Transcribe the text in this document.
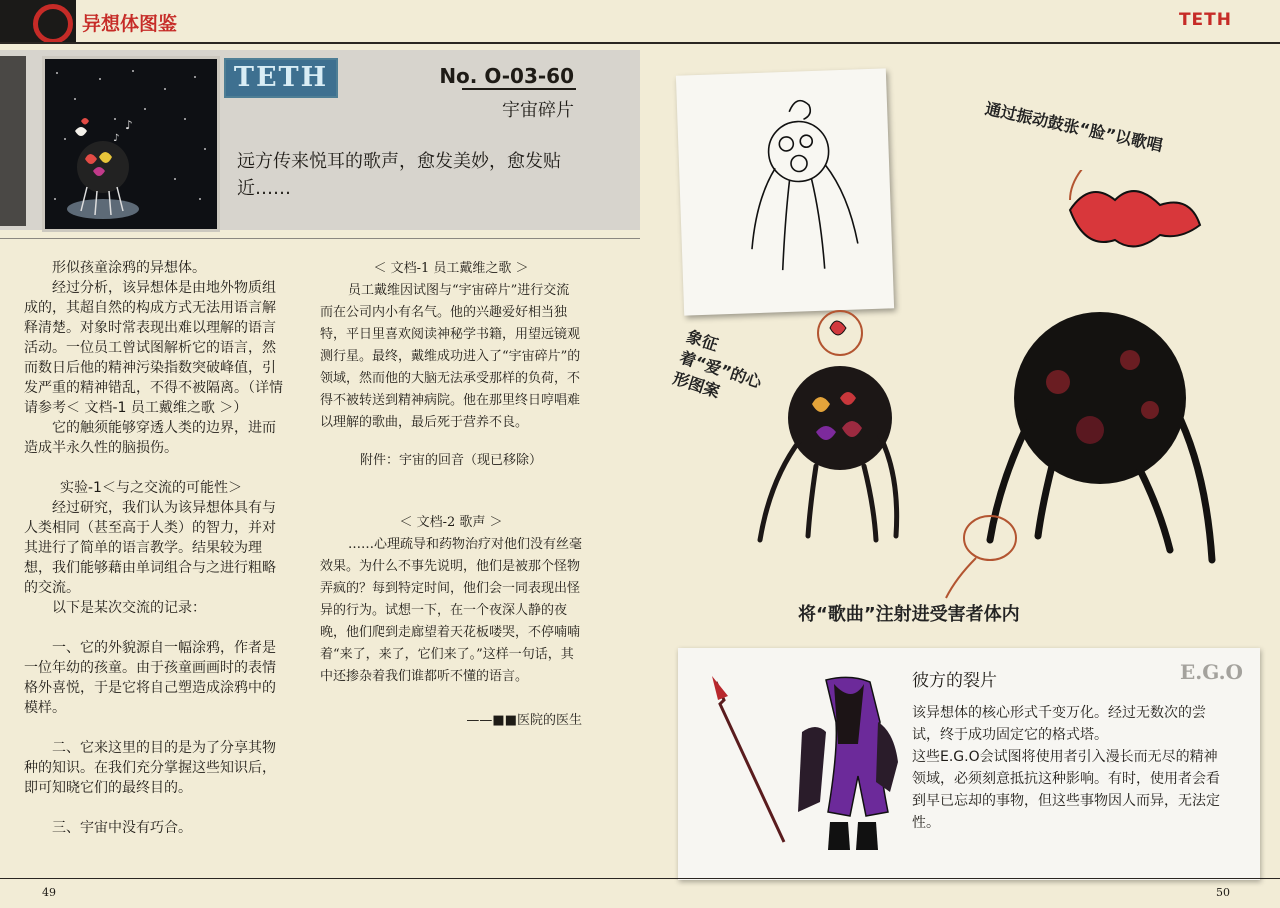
异想体图鉴	TETH
♪
♪
TETH	No. O-03-60
宇宙碎片
远方传来悦耳的歌声，愈发美妙，愈发贴近……

形似孩童涂鸦的异想体。

经过分析，该异想体是由地外物质组成的，其超自然的构成方式无法用语言解释清楚。对象时常表现出难以理解的语言活动。一位员工曾试图解析它的语言，然而数日后他的精神污染指数突破峰值，引发严重的精神错乱，不得不被隔离。（详情请参考＜ 文档-1 员工戴维之歌 ＞）

它的触须能够穿透人类的边界，进而造成半永久性的脑损伤。

实验-1＜与之交流的可能性＞

经过研究，我们认为该异想体具有与人类相同（甚至高于人类）的智力，并对其进行了简单的语言教学。结果较为理想，我们能够藉由单词组合与之进行粗略的交流。

以下是某次交流的记录：

一、它的外貌源自一幅涂鸦，作者是一位年幼的孩童。由于孩童画画时的表情格外喜悦，于是它将自己塑造成涂鸦中的模样。

二、它来这里的目的是为了分享其物种的知识。在我们充分掌握这些知识后，即可知晓它们的最终目的。

三、宇宙中没有巧合。

＜ 文档-1 员工戴维之歌 ＞

员工戴维因试图与“宇宙碎片”进行交流而在公司内小有名气。他的兴趣爱好相当独特，平日里喜欢阅读神秘学书籍，用望远镜观测行星。最终，戴维成功进入了“宇宙碎片”的领域，然而他的大脑无法承受那样的负荷，不得不被转送到精神病院。他在那里终日哼唱难以理解的歌曲，最后死于营养不良。

附件：宇宙的回音（现已移除）

＜ 文档-2 歌声 ＞

……心理疏导和药物治疗对他们没有丝毫效果。为什么不事先说明，他们是被那个怪物弄疯的？每到特定时间，他们会一同表现出怪异的行为。试想一下，在一个夜深人静的夜晚，他们爬到走廊望着天花板喽哭，不停喃喃着“来了，来了，它们来了。”这样一句话，其中还掺杂着我们谁都听不懂的语言。

——■■医院的医生

通过振动鼓张“脸”以歌唱
象征着“爱”的心形图案
将“歌曲”注射进受害者体内
E.G.O
彼方的裂片

该异想体的核心形式千变万化。经过无数次的尝试，终于成功固定它的格式塔。

这些E.G.O会试图将使用者引入漫长而无尽的精神领域，必须刻意抵抗这种影响。有时，使用者会看到早已忘却的事物，但这些事物因人而异，无法定性。

49	50
